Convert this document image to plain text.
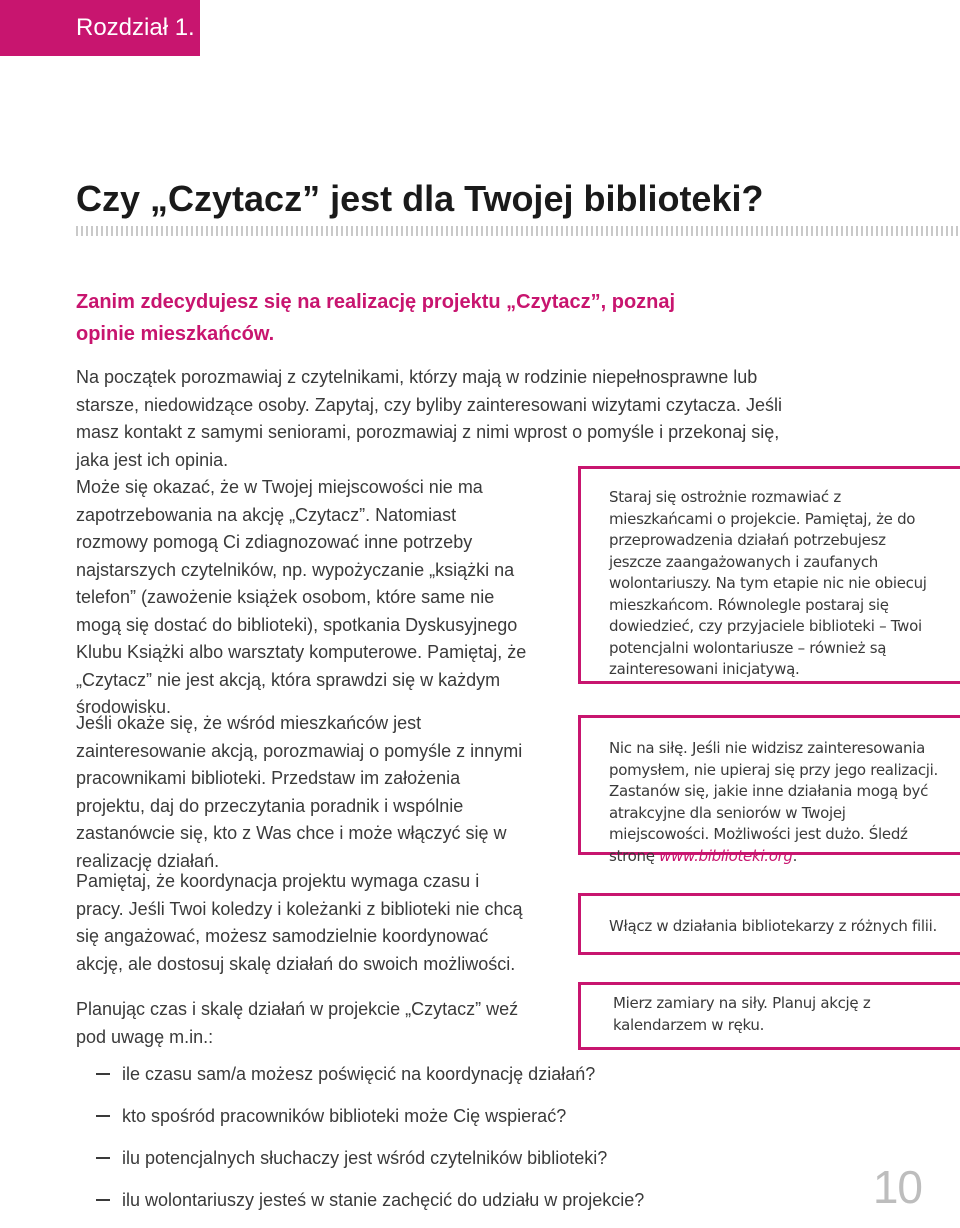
Rozdział 1.
Czy „Czytacz” jest dla Twojej biblioteki?
Zanim zdecydujesz się na realizację projektu „Czytacz”, poznaj opinie mieszkańców.
Na początek porozmawiaj z czytelnikami, którzy mają w rodzinie niepełnosprawne lub starsze, niedowidzące osoby. Zapytaj, czy byliby zainteresowani wizytami czytacza. Jeśli masz kontakt z samymi seniorami, porozmawiaj z nimi wprost o pomyśle i przekonaj się, jaka jest ich opinia.
Może się okazać, że w Twojej miejscowości nie ma zapotrzebowania na akcję „Czytacz”. Natomiast rozmowy pomogą Ci zdiagnozować inne potrzeby najstarszych czytelników, np. wypożyczanie „książki na telefon” (zawożenie książek osobom, które same nie mogą się dostać do biblioteki), spotkania Dyskusyjnego Klubu Książki albo warsztaty komputerowe. Pamiętaj, że „Czytacz” nie jest akcją, która sprawdzi się w każdym środowisku.

Jeśli okaże się, że wśród mieszkańców jest zainteresowanie akcją, porozmawiaj o pomyśle z innymi pracownikami biblioteki. Przedstaw im założenia projektu, daj do przeczytania poradnik i wspólnie zastanówcie się, kto z Was chce i może włączyć się w realizację działań.

Pamiętaj, że koordynacja projektu wymaga czasu i pracy. Jeśli Twoi koledzy i koleżanki z biblioteki nie chcą się angażować, możesz samodzielnie koordynować akcję, ale dostosuj skalę działań do swoich możliwości.

Planując czas i skalę działań w projekcie „Czytacz” weź pod uwagę m.in.:

Staraj się ostrożnie rozmawiać z mieszkańcami o projekcie. Pamiętaj, że do przeprowadzenia działań potrzebujesz jeszcze zaangażowanych i zaufanych wolontariuszy. Na tym etapie nic nie obiecuj mieszkańcom. Równolegle postaraj się dowiedzieć, czy przyjaciele biblioteki – Twoi potencjalni wolontariusze – również są zainteresowani inicjatywą.
Nic na siłę. Jeśli nie widzisz zainteresowania pomysłem, nie upieraj się przy jego realizacji. Zastanów się, jakie inne działania mogą być atrakcyjne dla seniorów w Twojej miejscowości. Możliwości jest dużo. Śledź stronę www.biblioteki.org.
Włącz w działania bibliotekarzy z różnych filii.
Mierz zamiary na siły. Planuj akcję z kalendarzem w ręku.
ile czasu sam/a możesz poświęcić na koordynację działań?
kto spośród pracowników biblioteki może Cię wspierać?
ilu potencjalnych słuchaczy jest wśród czytelników biblioteki?
ilu wolontariuszy jesteś w stanie zachęcić do udziału w projekcie?	10
